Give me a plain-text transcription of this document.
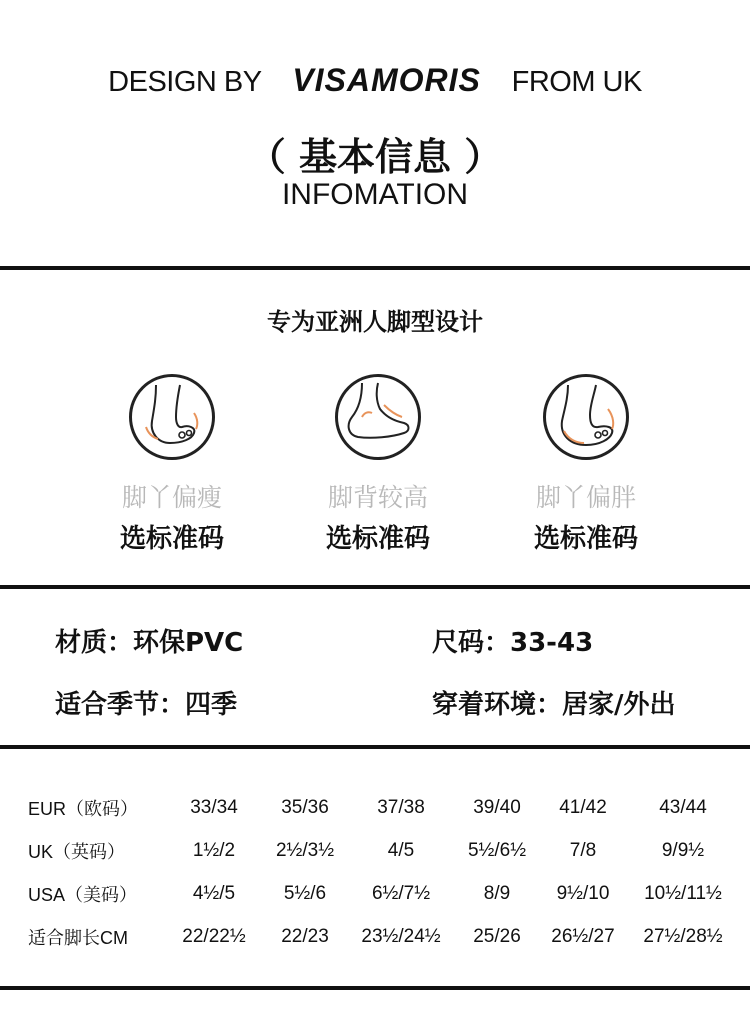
DESIGN BY VISAMORIS FROM UK
（ 基本信息 ）
INFOMATION
专为亚洲人脚型设计
脚丫偏瘦
选标准码
脚背较高
选标准码
脚丫偏胖
选标准码
材质：环保PVC	尺码：33-43
适合季节：四季	穿着环境：居家/外出
EUR（欧码）	33/34	35/36	37/38	39/40	41/42	43/44
UK（英码）	1½/2	2½/3½	4/5	5½/6½	7/8	9/9½
USA（美码）	4½/5	5½/6	6½/7½	8/9	9½/10	10½/11½
适合脚长CM	22/22½	22/23	23½/24½	25/26	26½/27	27½/28½
